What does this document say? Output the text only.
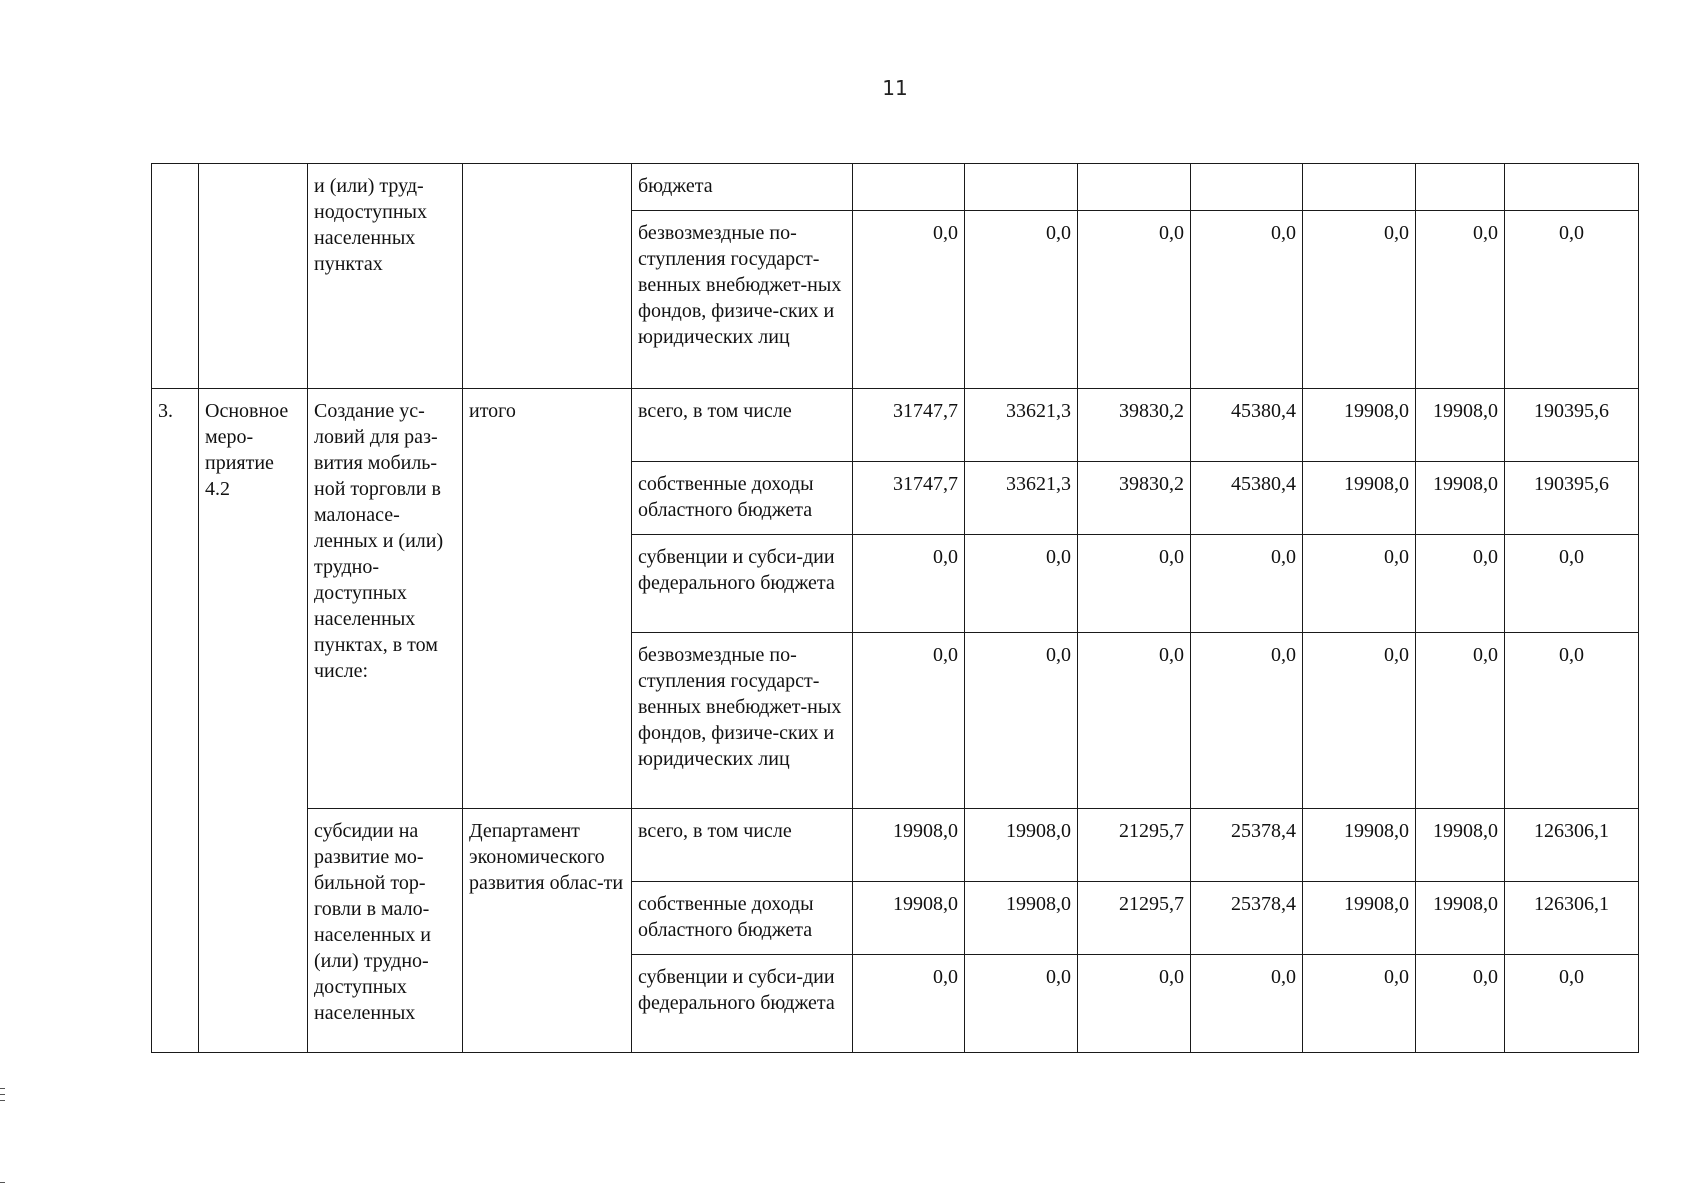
11
		и (или) труд-нодоступных населенных пунктах		бюджета							
				безвозмездные по-ступления государст-венных внебюджет-ных фондов, физиче-ских и юридических лиц	0,0	0,0	0,0	0,0	0,0	0,0	0,0
3.	Основное меро-приятие 4.2	Создание ус-ловий для раз-вития мобиль-ной торговли в малонасе-ленных и (или) трудно-доступных населенных пунктах, в том числе:	итого	всего, в том числе	31747,7	33621,3	39830,2	45380,4	19908,0	19908,0	190395,6
				собственные доходы областного бюджета	31747,7	33621,3	39830,2	45380,4	19908,0	19908,0	190395,6
				субвенции и субси-дии федерального бюджета	0,0	0,0	0,0	0,0	0,0	0,0	0,0
				безвозмездные по-ступления государст-венных внебюджет-ных фондов, физиче-ских и юридических лиц	0,0	0,0	0,0	0,0	0,0	0,0	0,0
		субсидии на развитие мо-бильной тор-говли в мало-населенных и (или) трудно-доступных населенных	Департамент экономического развития облас-ти	всего, в том числе	19908,0	19908,0	21295,7	25378,4	19908,0	19908,0	126306,1
				собственные доходы областного бюджета	19908,0	19908,0	21295,7	25378,4	19908,0	19908,0	126306,1
				субвенции и субси-дии федерального бюджета	0,0	0,0	0,0	0,0	0,0	0,0	0,0
